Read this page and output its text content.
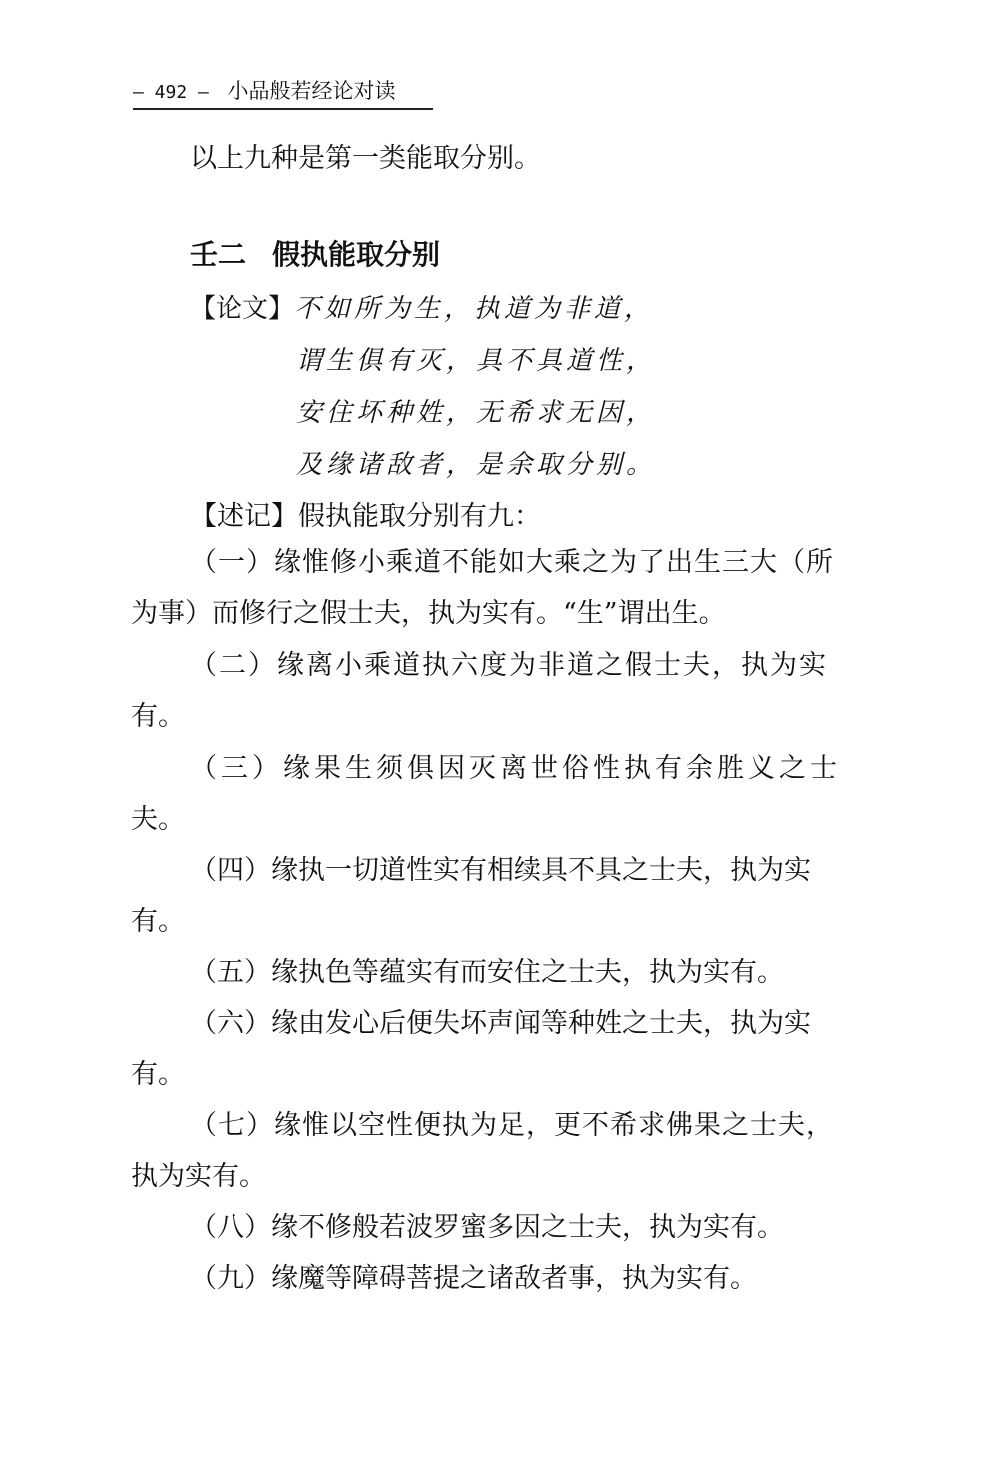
— 492 — 小品般若经论对读
以上九种是第一类能取分别。
壬二 假执能取分别
【论文】不如所为生，执道为非道，
谓生俱有灭，具不具道性，
安住坏种姓，无希求无因，
及缘诸敌者，是余取分别。
【述记】假执能取分别有九：
（一）缘惟修小乘道不能如大乘之为了出生三大（所
为事）而修行之假士夫，执为实有。“生”谓出生。
（二）缘离小乘道执六度为非道之假士夫，执为实
有。
（三）缘果生须俱因灭离世俗性执有余胜义之士
夫。
（四）缘执一切道性实有相续具不具之士夫，执为实
有。
（五）缘执色等蕴实有而安住之士夫，执为实有。
（六）缘由发心后便失坏声闻等种姓之士夫，执为实
有。
（七）缘惟以空性便执为足，更不希求佛果之士夫，
执为实有。
（八）缘不修般若波罗蜜多因之士夫，执为实有。
（九）缘魔等障碍菩提之诸敌者事，执为实有。
